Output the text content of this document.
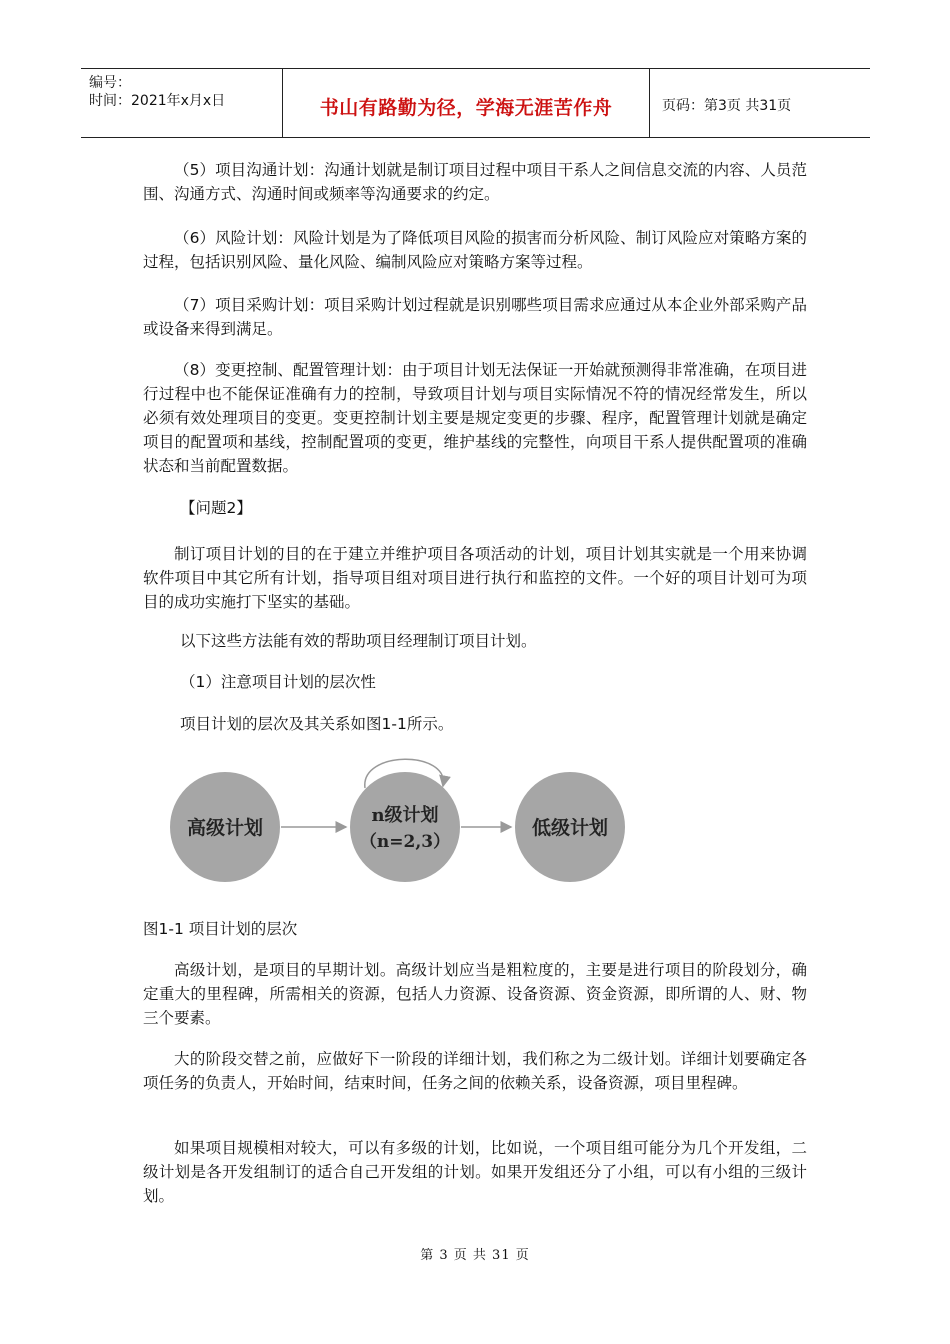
编号：
时间：2021年x月x日	书山有路勤为径，学海无涯苦作舟	页码：第3页 共31页

（5）项目沟通计划：沟通计划就是制订项目过程中项目干系人之间信息交流的内容、人员范围、沟通方式、沟通时间或频率等沟通要求的约定。

（6）风险计划：风险计划是为了降低项目风险的损害而分析风险、制订风险应对策略方案的过程，包括识别风险、量化风险、编制风险应对策略方案等过程。

（7）项目采购计划：项目采购计划过程就是识别哪些项目需求应通过从本企业外部采购产品或设备来得到满足。

（8）变更控制、配置管理计划：由于项目计划无法保证一开始就预测得非常准确，在项目进行过程中也不能保证准确有力的控制，导致项目计划与项目实际情况不符的情况经常发生，所以必须有效处理项目的变更。变更控制计划主要是规定变更的步骤、程序，配置管理计划就是确定项目的配置项和基线，控制配置项的变更，维护基线的完整性，向项目干系人提供配置项的准确状态和当前配置数据。

【问题2】

制订项目计划的目的在于建立并维护项目各项活动的计划，项目计划其实就是一个用来协调软件项目中其它所有计划，指导项目组对项目进行执行和监控的文件。一个好的项目计划可为项目的成功实施打下坚实的基础。

以下这些方法能有效的帮助项目经理制订项目计划。
（1）注意项目计划的层次性
项目计划的层次及其关系如图1-1所示。
高级计划
n级计划
（n=2,3）
低级计划
图1-1 项目计划的层次

高级计划，是项目的早期计划。高级计划应当是粗粒度的，主要是进行项目的阶段划分，确定重大的里程碑，所需相关的资源，包括人力资源、设备资源、资金资源，即所谓的人、财、物三个要素。

大的阶段交替之前，应做好下一阶段的详细计划，我们称之为二级计划。详细计划要确定各项任务的负责人，开始时间，结束时间，任务之间的依赖关系，设备资源，项目里程碑。

如果项目规模相对较大，可以有多级的计划，比如说，一个项目组可能分为几个开发组，二级计划是各开发组制订的适合自己开发组的计划。如果开发组还分了小组，可以有小组的三级计划。

第 3 页 共 31 页
